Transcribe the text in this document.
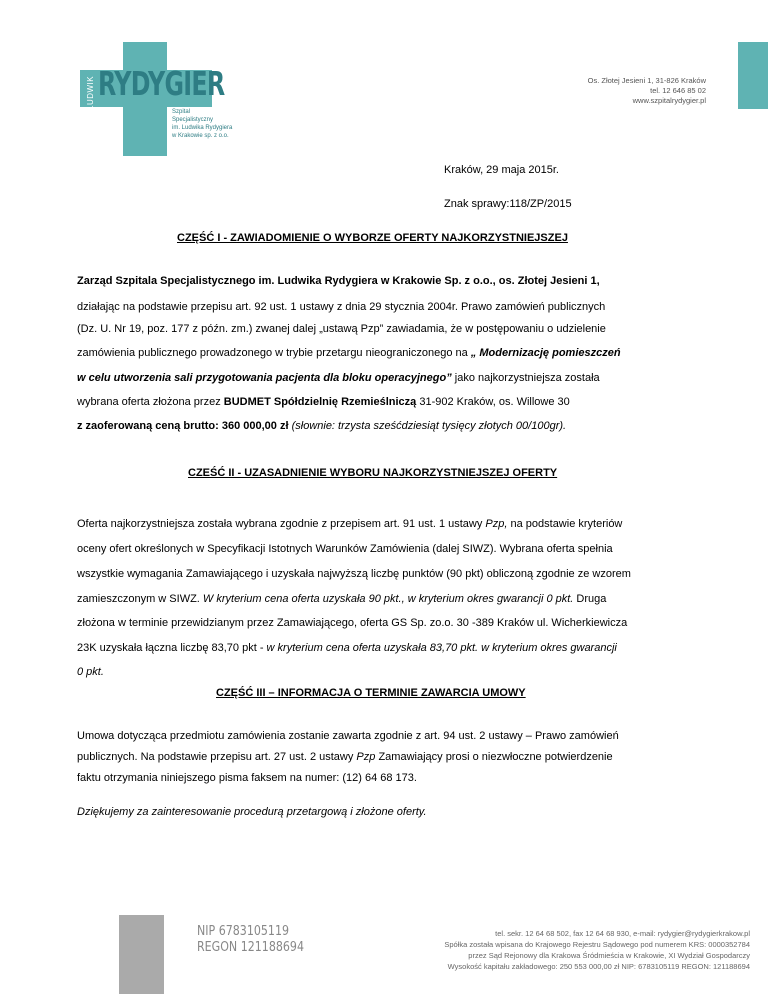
LUDWIK RYDYGIER
Szpital
Specjalistyczny
im. Ludwika Rydygiera
w Krakowie sp. z o.o.
Os. Złotej Jesieni 1, 31-826 Kraków
tel. 12 646 85 02
www.szpitalrydygier.pl
Kraków, 29 maja 2015r.
Znak sprawy:118/ZP/2015
CZĘŚĆ I - ZAWIADOMIENIE O WYBORZE OFERTY NAJKORZYSTNIEJSZEJ
Zarząd Szpitala Specjalistycznego im. Ludwika Rydygiera w Krakowie Sp. z o.o., os. Złotej Jesieni 1,
działając na podstawie przepisu art. 92 ust. 1 ustawy z dnia 29 stycznia 2004r. Prawo zamówień publicznych
(Dz. U. Nr 19, poz. 177 z późn. zm.) zwanej dalej „ustawą Pzp” zawiadamia, że w postępowaniu o udzielenie
zamówienia publicznego prowadzonego w trybie przetargu nieograniczonego na „ Modernizację pomieszczeń
w celu utworzenia sali przygotowania pacjenta dla bloku operacyjnego” jako najkorzystniejsza została
wybrana oferta złożona przez BUDMET Spółdzielnię Rzemieślniczą 31-902 Kraków, os. Willowe 30
z zaoferowaną ceną brutto: 360 000,00 zł (słownie: trzysta sześćdziesiąt tysięcy złotych 00/100gr).
CZEŚĆ II - UZASADNIENIE WYBORU NAJKORZYSTNIEJSZEJ OFERTY
Oferta najkorzystniejsza została wybrana zgodnie z przepisem art. 91 ust. 1 ustawy Pzp, na podstawie kryteriów
oceny ofert określonych w Specyfikacji Istotnych Warunków Zamówienia (dalej SIWZ). Wybrana oferta spełnia
wszystkie wymagania Zamawiającego i uzyskała najwyższą liczbę punktów (90 pkt) obliczoną zgodnie ze wzorem
zamieszczonym w SIWZ. W kryterium cena oferta uzyskała 90 pkt., w kryterium okres gwarancji 0 pkt. Druga
złożona w terminie przewidzianym przez Zamawiającego, oferta GS Sp. zo.o. 30 -389 Kraków ul. Wicherkiewicza
23K uzyskała łączna liczbę 83,70 pkt - w kryterium cena oferta uzyskała 83,70 pkt. w kryterium okres gwarancji
0 pkt.
CZĘŚĆ III – INFORMACJA O TERMINIE ZAWARCIA UMOWY
Umowa dotycząca przedmiotu zamówienia zostanie zawarta zgodnie z art. 94 ust. 2 ustawy – Prawo zamówień
publicznych. Na podstawie przepisu art. 27 ust. 2 ustawy Pzp Zamawiający prosi o niezwłoczne potwierdzenie
faktu otrzymania niniejszego pisma faksem na numer: (12) 64 68 173.
Dziękujemy za zainteresowanie procedurą przetargową i złożone oferty.
NIP 6783105119
REGON 121188694
tel. sekr. 12 64 68 502, fax 12 64 68 930, e-mail: rydygier@rydygierkrakow.pl
Spółka została wpisana do Krajowego Rejestru Sądowego pod numerem KRS: 0000352784
przez Sąd Rejonowy dla Krakowa Śródmieścia w Krakowie, XI Wydział Gospodarczy
Wysokość kapitału zakładowego: 250 553 000,00 zł NIP: 6783105119 REGON: 121188694
